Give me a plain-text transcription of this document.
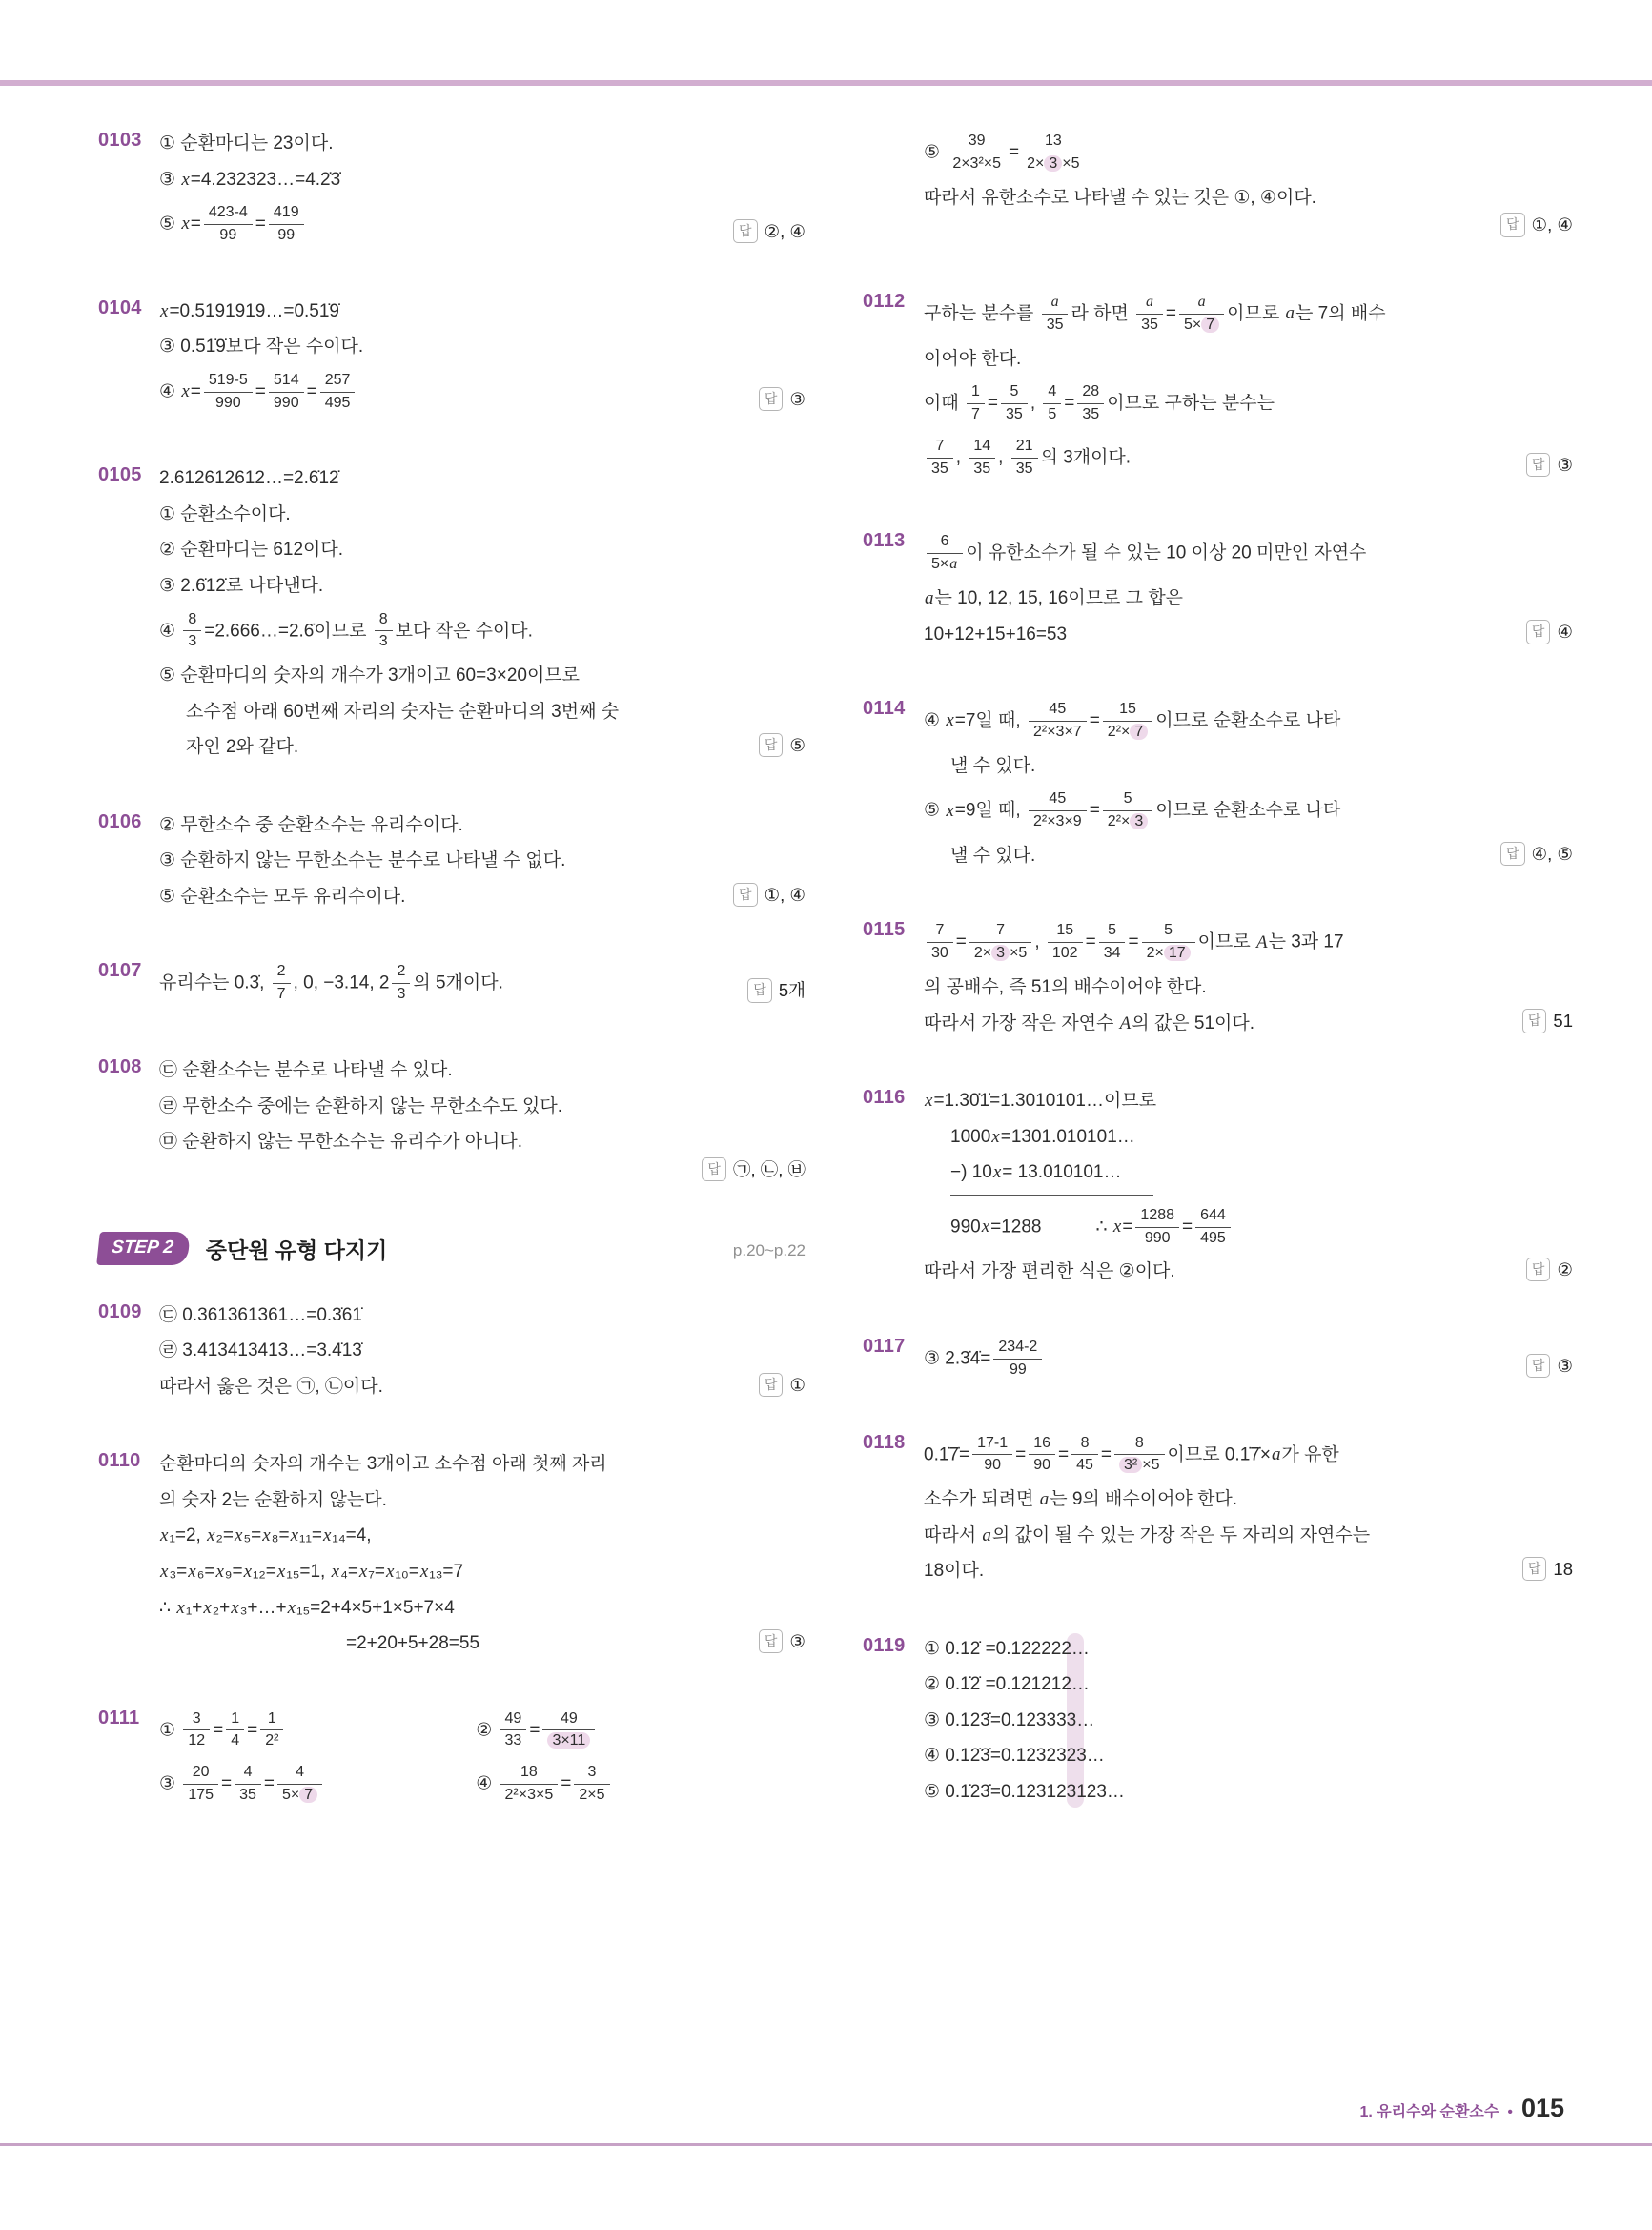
0103 ① 순환마디는 23이다.
③ x=4.232323…=4.2̇3̇
⑤ $x= \frac{423-4}{99} = \frac{419}{99}$	답 ②, ④
0104	x=0.5191919…=0.51̇9̇
③ 0.51̇9̇보다 작은 수이다.
④ $x= \frac{519-5}{990} = \frac{514}{990} = \frac{257}{495}$	답 ③
0105 2.612612612…=2.6̇12̇
① 순환소수이다.
② 순환마디는 612이다.
③ 2.6̇12̇로 나타낸다.
④ $\frac{8}{3}$ =2.666…=2.6̇이므로 $\frac{8}{3}$ 보다 작은 수이다.
⑤ 순환마디의 숫자의 개수가 3개이고 60=3×20이므로
소수점 아래 60번째 자리의 숫자는 순환마디의 3번째 숫
자인 2와 같다.	답 ⑤
0106 ② 무한소수 중 순환소수는 유리수이다.
③ 순환하지 않는 무한소수는 분수로 나타낼 수 없다.
⑤ 순환소수는 모두 유리수이다.	답 ①, ④
0107
유리수는 0.3̇, $\frac{2}{7}$ , 0, −3.14, $2 \frac{2}{3}$ 의 5개이다.	답 5개
0108 ㉢ 순환소수는 분수로 나타낼 수 있다.
㉣ 무한소수 중에는 순환하지 않는 무한소수도 있다.
㉤ 순환하지 않는 무한소수는 유리수가 아니다.
답 ㉠, ㉡, ㉥
p.20~p.22
STEP 2 중단원 유형 다지기
0109 ㉢ 0.361361361…=0.3̇61̇
㉣ 3.413413413…=3.4̇13̇
따라서 옳은 것은 ㉠, ㉡이다.	답 ①
0110	순환마디의 숫자의 개수는 3개이고 소수점 아래 첫째 자리
의 숫자 2는 순환하지 않는다.
x₁=2, x₂=x₅=x₈=x₁₁=x₁₄=4,
x₃=x₆=x₉=x₁₂=x₁₅=1, x₄=x₇=x₁₀=x₁₃=7
∴ x₁+x₂+x₃+…+x₁₅=2+4×5+1×5+7×4
=2+20+5+28=55	답 ③
0111
① $\frac{3}{12} = \frac{1}{4} = \frac{1}{\text{2²}}$	② $\frac{49}{33} = \frac{49}{3\times 11}$
③ $\frac{20}{175} = \frac{4}{35} = \frac{4}{5\times 7}$	④ $\frac{18}{\text{2²×3×5}} = \frac{3}{2\times 5}$
⑤ $\frac{39}{\text{2×3²×5}} = \frac{13}{2\times 3 \times 5}$
따라서 유한소수로 나타낼 수 있는 것은 ①, ④이다.
답 ①, ④
0112
구하는 분수를 $\frac{a}{35}$ 라 하면 $\frac{a}{35} = \frac{a}{5\times 7}$ 이므로 a는 7의 배수
이어야 한다.
이때 $\frac{1}{7} = \frac{5}{35}$ , $\frac{4}{5} = \frac{28}{35}$ 이므로 구하는 분수는
$\frac{7}{35}$ , $\frac{14}{35}$ , $\frac{21}{35}$ 의 3개이다.	답 ③
0113	$\frac{6}{5\times a}$ 이 유한소수가 될 수 있는 10 이상 20 미만인 자연수
a는 10, 12, 15, 16이므로 그 합은
10+12+15+16=53	답 ④
0114
④ x=7일 때, $\frac{45}{\text{2²×3×7}} = \frac{15}{\text{2²× 7}}$ 이므로 순환소수로 나타
낼 수 있다.
⑤ x=9일 때, $\frac{45}{\text{2²×3×9}} = \frac{5}{\text{2²× 3}}$ 이므로 순환소수로 나타
낼 수 있다.	답 ④, ⑤
0115	$\frac{7}{30} = \frac{7}{2\times 3 \times 5}$ , $\frac{15}{102} = \frac{5}{34} = \frac{5}{2\times 17}$ 이므로 A는 3과 17
의 공배수, 즉 51의 배수이어야 한다.
따라서 가장 작은 자연수 A의 값은 51이다.	답 51
0116	x=1.30̇1̇=1.3010101…이므로
1000x=1301.010101…
−) 10x= 13.010101…
990x=1288   ∴ $x= \frac{1288}{990} = \frac{644}{495}$
따라서 가장 편리한 식은 ②이다.	답 ②
0117
③ 2.3̇4̇= $\frac{234-2}{99}$	답 ③
0118
0.1̇7̇= $\frac{17-1}{90} = \frac{16}{90} = \frac{8}{45} = \frac{8}{\text{3² ×5}}$ 이므로 0.1̇7̇×a가 유한
소수가 되려면 a는 9의 배수이어야 한다.
따라서 a의 값이 될 수 있는 가장 작은 두 자리의 자연수는
18이다.	답 18
0119	① 0.12̇ =0.122222…
② 0.1̇2̇ =0.121212…
③ 0.123̇=0.123333…
④ 0.12̇3̇=0.1232323…
⑤ 0.1̇23̇=0.123123123…
1. 유리수와 순환소수 • 015
